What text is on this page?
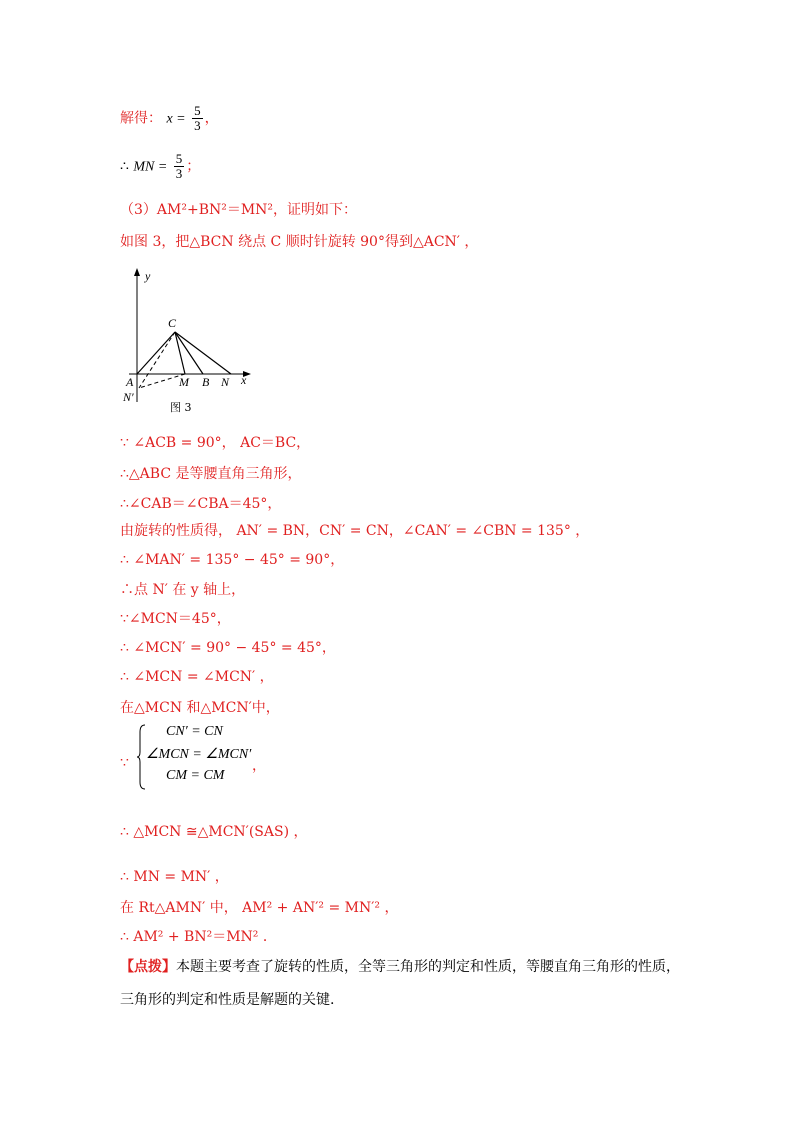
解得： $x = \frac{5}{3}$ ，
∴ MN = $\frac{5}{3}$ ；
（3）AM²+BN²＝MN²，证明如下：
如图 3，把△BCN 绕点 C 顺时针旋转 90°得到△ACN′ ，
y
C
A	M B N x
N′
图 3
∵ ∠ACB = 90°， AC＝BC，
∴△ABC 是等腰直角三角形，
∴∠CAB＝∠CBA＝45°，
由旋转的性质得， AN′ = BN，CN′ = CN，∠CAN′ = ∠CBN = 135° ，
∴ ∠MAN′ = 135° − 45° = 90°，
∴点 N′ 在 y 轴上，
∵∠MCN＝45°，
∴ ∠MCN′ = 90° − 45° = 45°，
∴ ∠MCN = ∠MCN′ ，
在△MCN 和△MCN′中，
∵
CN′ = CN
∠MCN = ∠MCN′
CM = CM
，
∴ △MCN ≅△MCN′(SAS) ，
∴ MN = MN′ ，
在 Rt△AMN′ 中， AM² + AN′² = MN′² ，
∴ AM² + BN²＝MN² ．
【点拨】本题主要考查了旋转的性质，全等三角形的判定和性质，等腰直角三角形的性质，
三角形的判定和性质是解题的关键.
